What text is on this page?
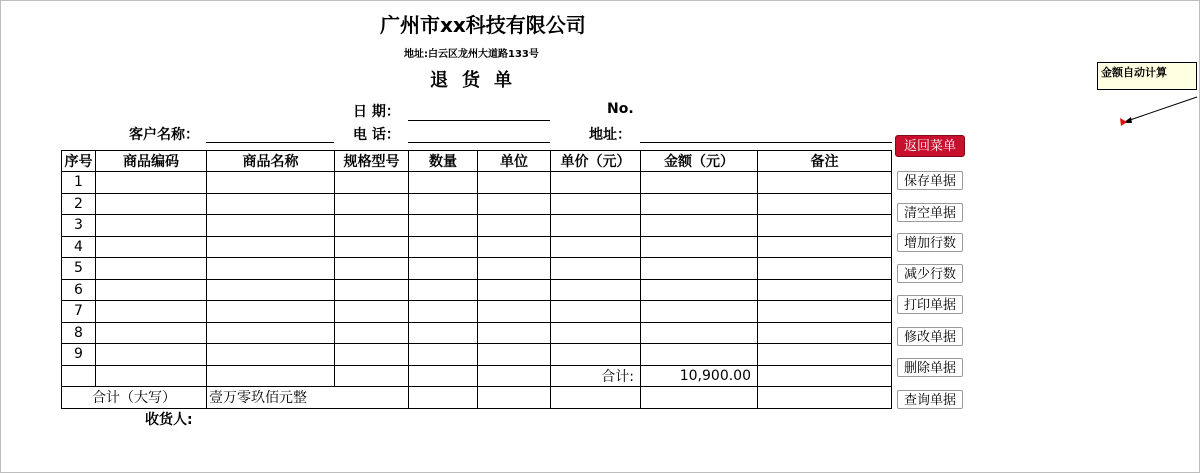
广州市xx科技有限公司
地址:白云区龙州大道路133号
退货单
日 期：	No.
客户名称：	电 话：	地址：
序号	商品编码	商品名称	规格型号	数量	单位	单价（元）	金额（元）	备注
1								
2								
3								
4								
5								
6								
7								
8								
9								
						合计:	10,900.00	
合计（大写）		壹万零玖佰元整						
收货人:
返回菜单
保存单据
清空单据
增加行数
减少行数
打印单据
修改单据
删除单据
查询单据
金额自动计算
